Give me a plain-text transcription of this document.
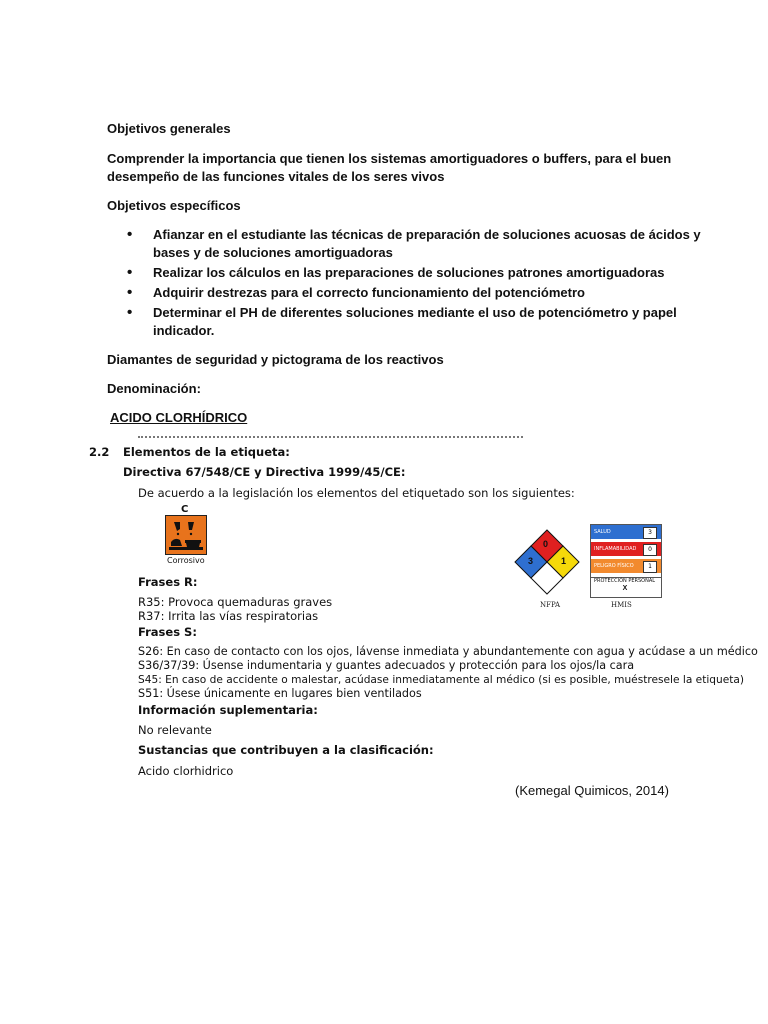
Objetivos generales
Comprender la importancia que tienen los sistemas amortiguadores o buffers, para el buen
desempeño de las funciones vitales de los seres vivos
Objetivos específicos
• Afianzar en el estudiante las técnicas de preparación de soluciones acuosas de ácidos y
bases y de soluciones amortiguadoras
• Realizar los cálculos en las preparaciones de soluciones patrones amortiguadoras
• Adquirir destrezas para el correcto funcionamiento del potenciómetro
• Determinar el PH de diferentes soluciones mediante el uso de potenciómetro y papel
indicador.
Diamantes de seguridad y pictograma de los reactivos
Denominación:
ACIDO CLORHÍDRICO
2.2 Elementos de la etiqueta:
Directiva 67/548/CE y Directiva 1999/45/CE:
De acuerdo a la legislación los elementos del etiquetado son los siguientes:
C
Corrosivo
0
3	1
NFPA
SALUD	3
INFLAMABILIDAD	0
PELIGRO FÍSICO	1
PROTECCIÓN PERSONAL
X
HMIS
Frases R:
R35: Provoca quemaduras graves
R37: Irrita las vías respiratorias
Frases S:
S26: En caso de contacto con los ojos, lávense inmediata y abundantemente con agua y acúdase a un médico
S36/37/39: Úsense indumentaria y guantes adecuados y protección para los ojos/la cara
S45: En caso de accidente o malestar, acúdase inmediatamente al médico (si es posible, muéstresele la etiqueta)
S51: Úsese únicamente en lugares bien ventilados
Información suplementaria:
No relevante
Sustancias que contribuyen a la clasificación:
Acido clorhidrico
(Kemegal Quimicos, 2014)
